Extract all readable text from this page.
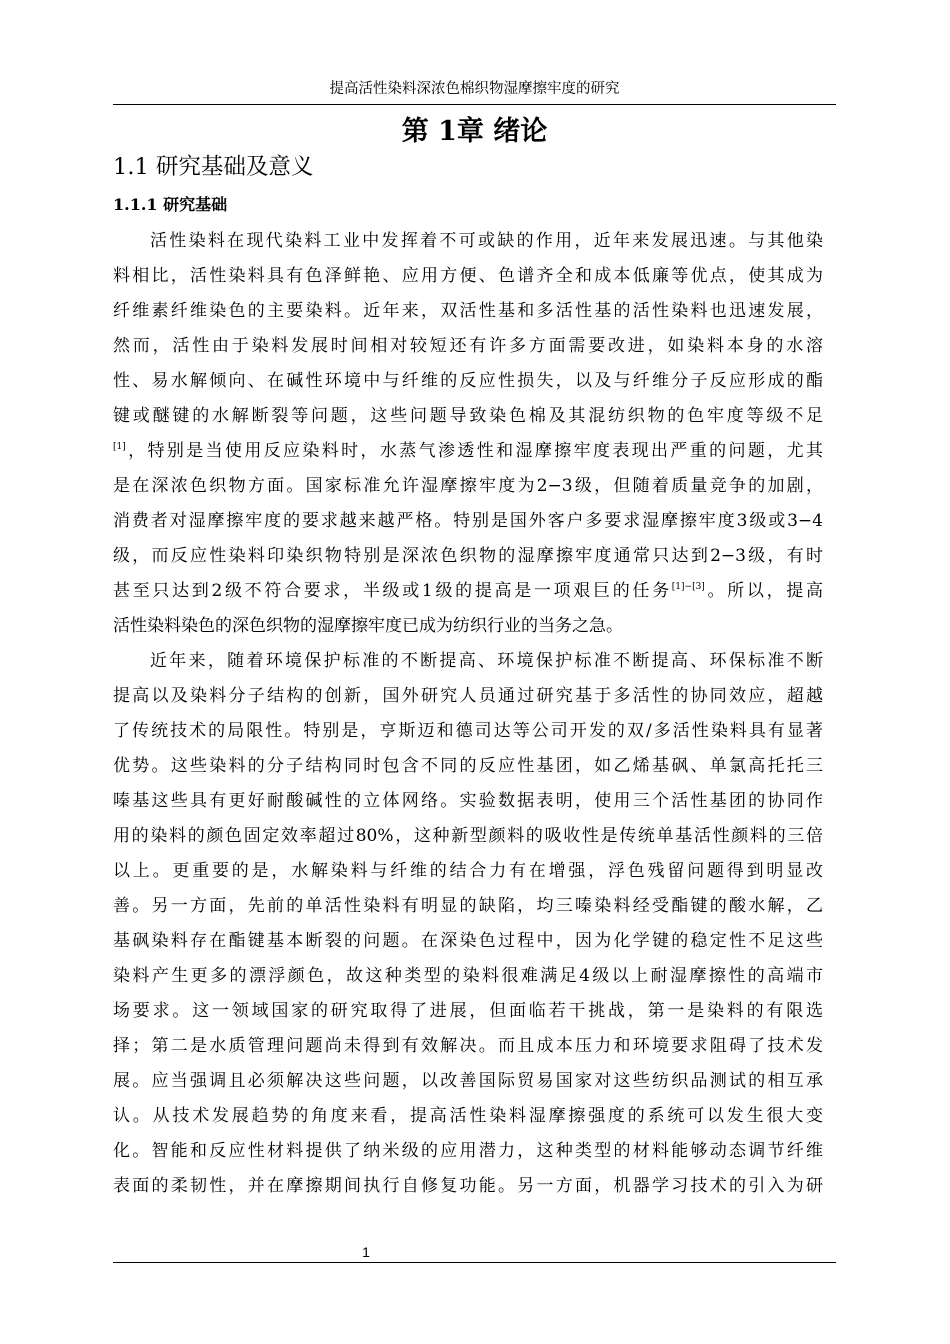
提高活性染料深浓色棉织物湿摩擦牢度的研究
第 1章 绪论
1.1 研究基础及意义
1.1.1 研究基础
活性染料在现代染料工业中发挥着不可或缺的作用，近年来发展迅速。与其他染
料相比，活性染料具有色泽鲜艳、应用方便、色谱齐全和成本低廉等优点，使其成为
纤维素纤维染色的主要染料。近年来，双活性基和多活性基的活性染料也迅速发展，
然而，活性由于染料发展时间相对较短还有许多方面需要改进，如染料本身的水溶
性、易水解倾向、在碱性环境中与纤维的反应性损失，以及与纤维分子反应形成的酯
键或醚键的水解断裂等问题，这些问题导致染色棉及其混纺织物的色牢度等级不足
[1]，特别是当使用反应染料时，水蒸气渗透性和湿摩擦牢度表现出严重的问题，尤其
是在深浓色织物方面。国家标准允许湿摩擦牢度为2−3级，但随着质量竞争的加剧，
消费者对湿摩擦牢度的要求越来越严格。特别是国外客户多要求湿摩擦牢度3级或3−4
级，而反应性染料印染织物特别是深浓色织物的湿摩擦牢度通常只达到2−3级，有时
甚至只达到2级不符合要求，半级或1级的提高是一项艰巨的任务[1]−[3]。所以，提高
活性染料染色的深色织物的湿摩擦牢度已成为纺织行业的当务之急。
近年来，随着环境保护标准的不断提高、环境保护标准不断提高、环保标准不断
提高以及染料分子结构的创新，国外研究人员通过研究基于多活性的协同效应，超越
了传统技术的局限性。特别是，亨斯迈和德司达等公司开发的双/多活性染料具有显著
优势。这些染料的分子结构同时包含不同的反应性基团，如乙烯基砜、单氯高托托三
嗪基这些具有更好耐酸碱性的立体网络。实验数据表明，使用三个活性基团的协同作
用的染料的颜色固定效率超过80%，这种新型颜料的吸收性是传统单基活性颜料的三倍
以上。更重要的是，水解染料与纤维的结合力有在增强，浮色残留问题得到明显改
善。另一方面，先前的单活性染料有明显的缺陷，均三嗪染料经受酯键的酸水解，乙
基砜染料存在酯键基本断裂的问题。在深染色过程中，因为化学键的稳定性不足这些
染料产生更多的漂浮颜色，故这种类型的染料很难满足4级以上耐湿摩擦性的高端市
场要求。这一领域国家的研究取得了进展，但面临若干挑战，第一是染料的有限选
择；第二是水质管理问题尚未得到有效解决。而且成本压力和环境要求阻碍了技术发
展。应当强调且必须解决这些问题，以改善国际贸易国家对这些纺织品测试的相互承
认。从技术发展趋势的角度来看，提高活性染料湿摩擦强度的系统可以发生很大变
化。智能和反应性材料提供了纳米级的应用潜力，这种类型的材料能够动态调节纤维
表面的柔韧性，并在摩擦期间执行自修复功能。另一方面，机器学习技术的引入为研
1
